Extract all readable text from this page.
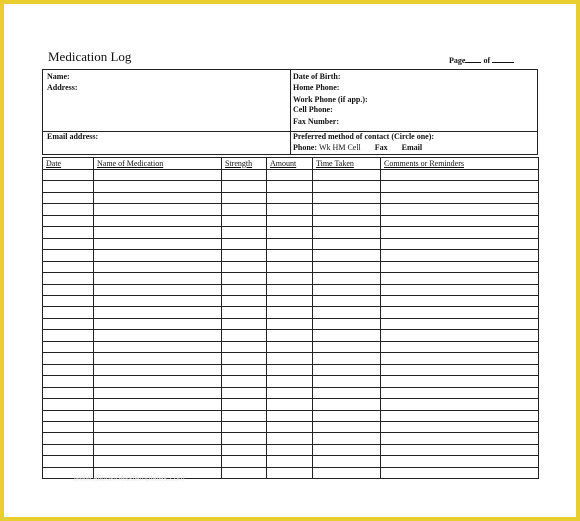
Medication Log	Page of
Name:
Address:
Email address:
Date of Birth:
Home Phone:
Work Phone (if app.):
Cell Phone:
Fax Number:
Preferred method of contact (Circle one):
Phone: Wk HM Cell Fax Email
Date	Name of Medication	Strength	Amount	Time Taken	Comments or Reminders

www.allbusinesstemplates.com
